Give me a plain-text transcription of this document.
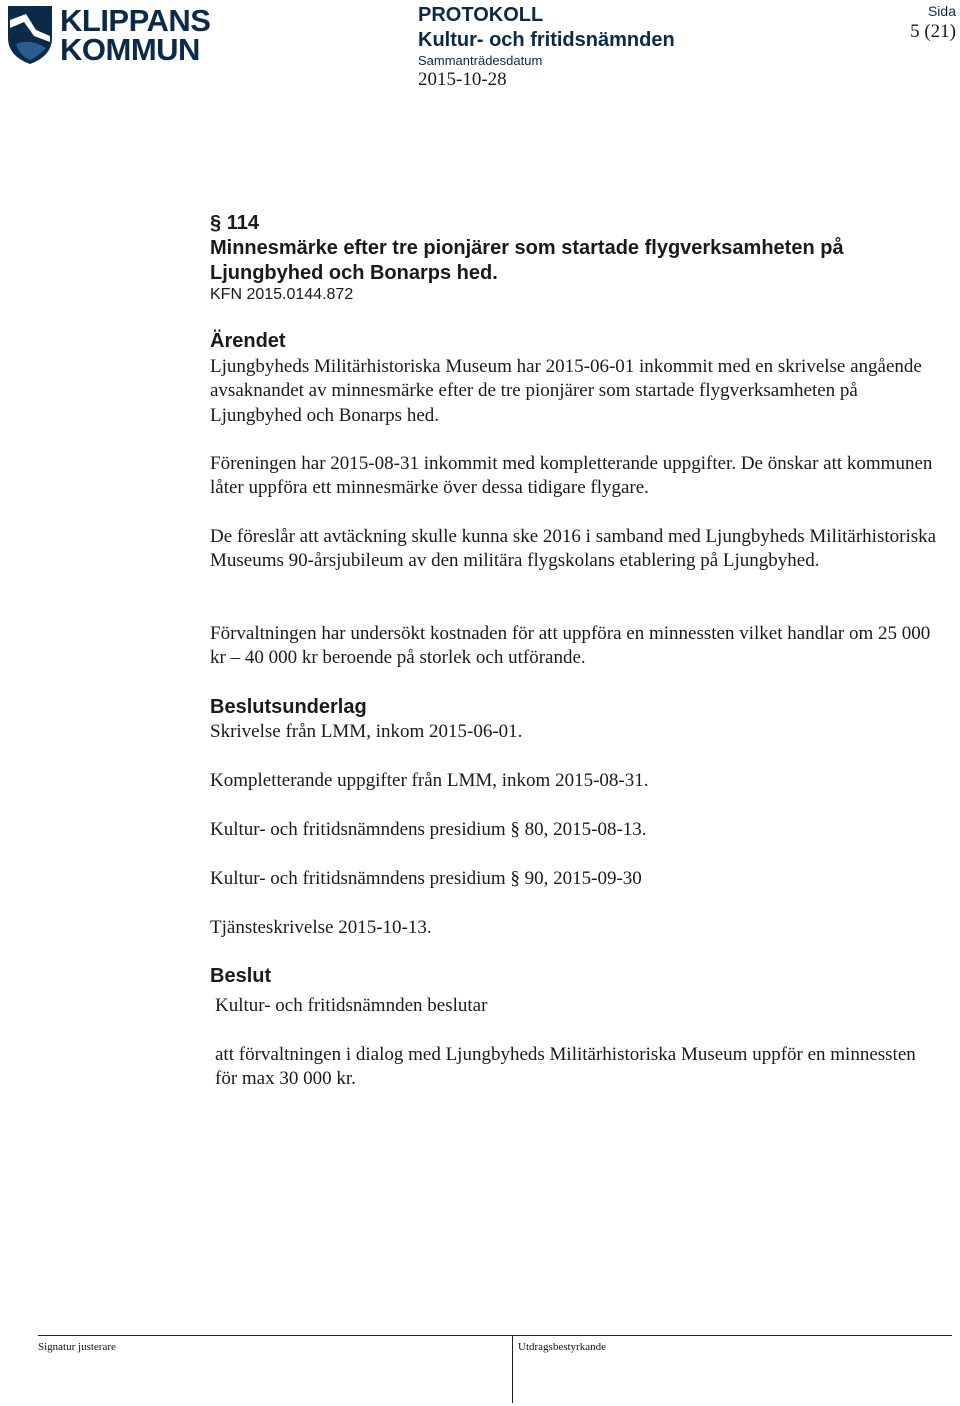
KLIPPANS
KOMMUN
PROTOKOLL
Kultur- och fritidsnämnden
Sammanträdesdatum
2015-10-28
Sida
5 (21)
§ 114
Minnesmärke efter tre pionjärer som startade flygverksamheten på Ljungbyhed och Bonarps hed.
KFN 2015.0144.872
Ärendet

Ljungbyheds Militärhistoriska Museum har 2015-06-01 inkommit med en skrivelse angående avsaknandet av minnesmärke efter de tre pionjärer som startade flygverksamheten på Ljungbyhed och Bonarps hed.

Föreningen har 2015-08-31 inkommit med kompletterande uppgifter. De önskar att kommunen låter uppföra ett minnesmärke över dessa tidigare flygare.

De föreslår att avtäckning skulle kunna ske 2016 i samband med Ljungbyheds Militärhistoriska Museums 90-årsjubileum av den militära flygskolans etablering på Ljungbyhed.

Förvaltningen har undersökt kostnaden för att uppföra en minnessten vilket handlar om 25 000 kr – 40 000 kr beroende på storlek och utförande.

Beslutsunderlag

Skrivelse från LMM, inkom 2015-06-01.

Kompletterande uppgifter från LMM, inkom 2015-08-31.

Kultur- och fritidsnämndens presidium § 80, 2015-08-13.

Kultur- och fritidsnämndens presidium § 90, 2015-09-30

Tjänsteskrivelse 2015-10-13.

Beslut

Kultur- och fritidsnämnden beslutar

att förvaltningen i dialog med Ljungbyheds Militärhistoriska Museum uppför en minnessten för max 30 000 kr.

Signatur justerare	Utdragsbestyrkande
